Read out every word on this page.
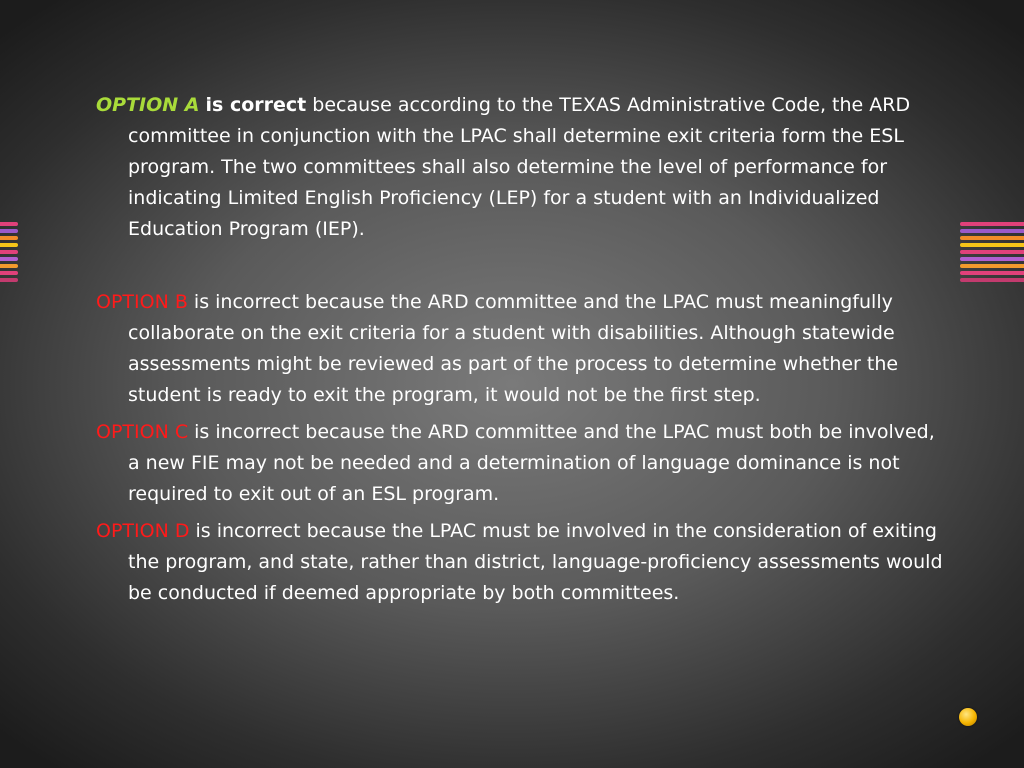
OPTION A is correct because according to the TEXAS Administrative Code, the ARD committee in conjunction with the LPAC shall determine exit criteria form the ESL program. The two committees shall also determine the level of performance for indicating Limited English Proficiency (LEP) for a student with an Individualized Education Program (IEP).

OPTION B is incorrect because the ARD committee and the LPAC must meaningfully collaborate on the exit criteria for a student with disabilities. Although statewide assessments might be reviewed as part of the process to determine whether the student is ready to exit the program, it would not be the first step.

OPTION C is incorrect because the ARD committee and the LPAC must both be involved, a new FIE may not be needed and a determination of language dominance is not required to exit out of an ESL program.

OPTION D is incorrect because the LPAC must be involved in the consideration of exiting the program, and state, rather than district, language-proficiency assessments would be conducted if deemed appropriate by both committees.
